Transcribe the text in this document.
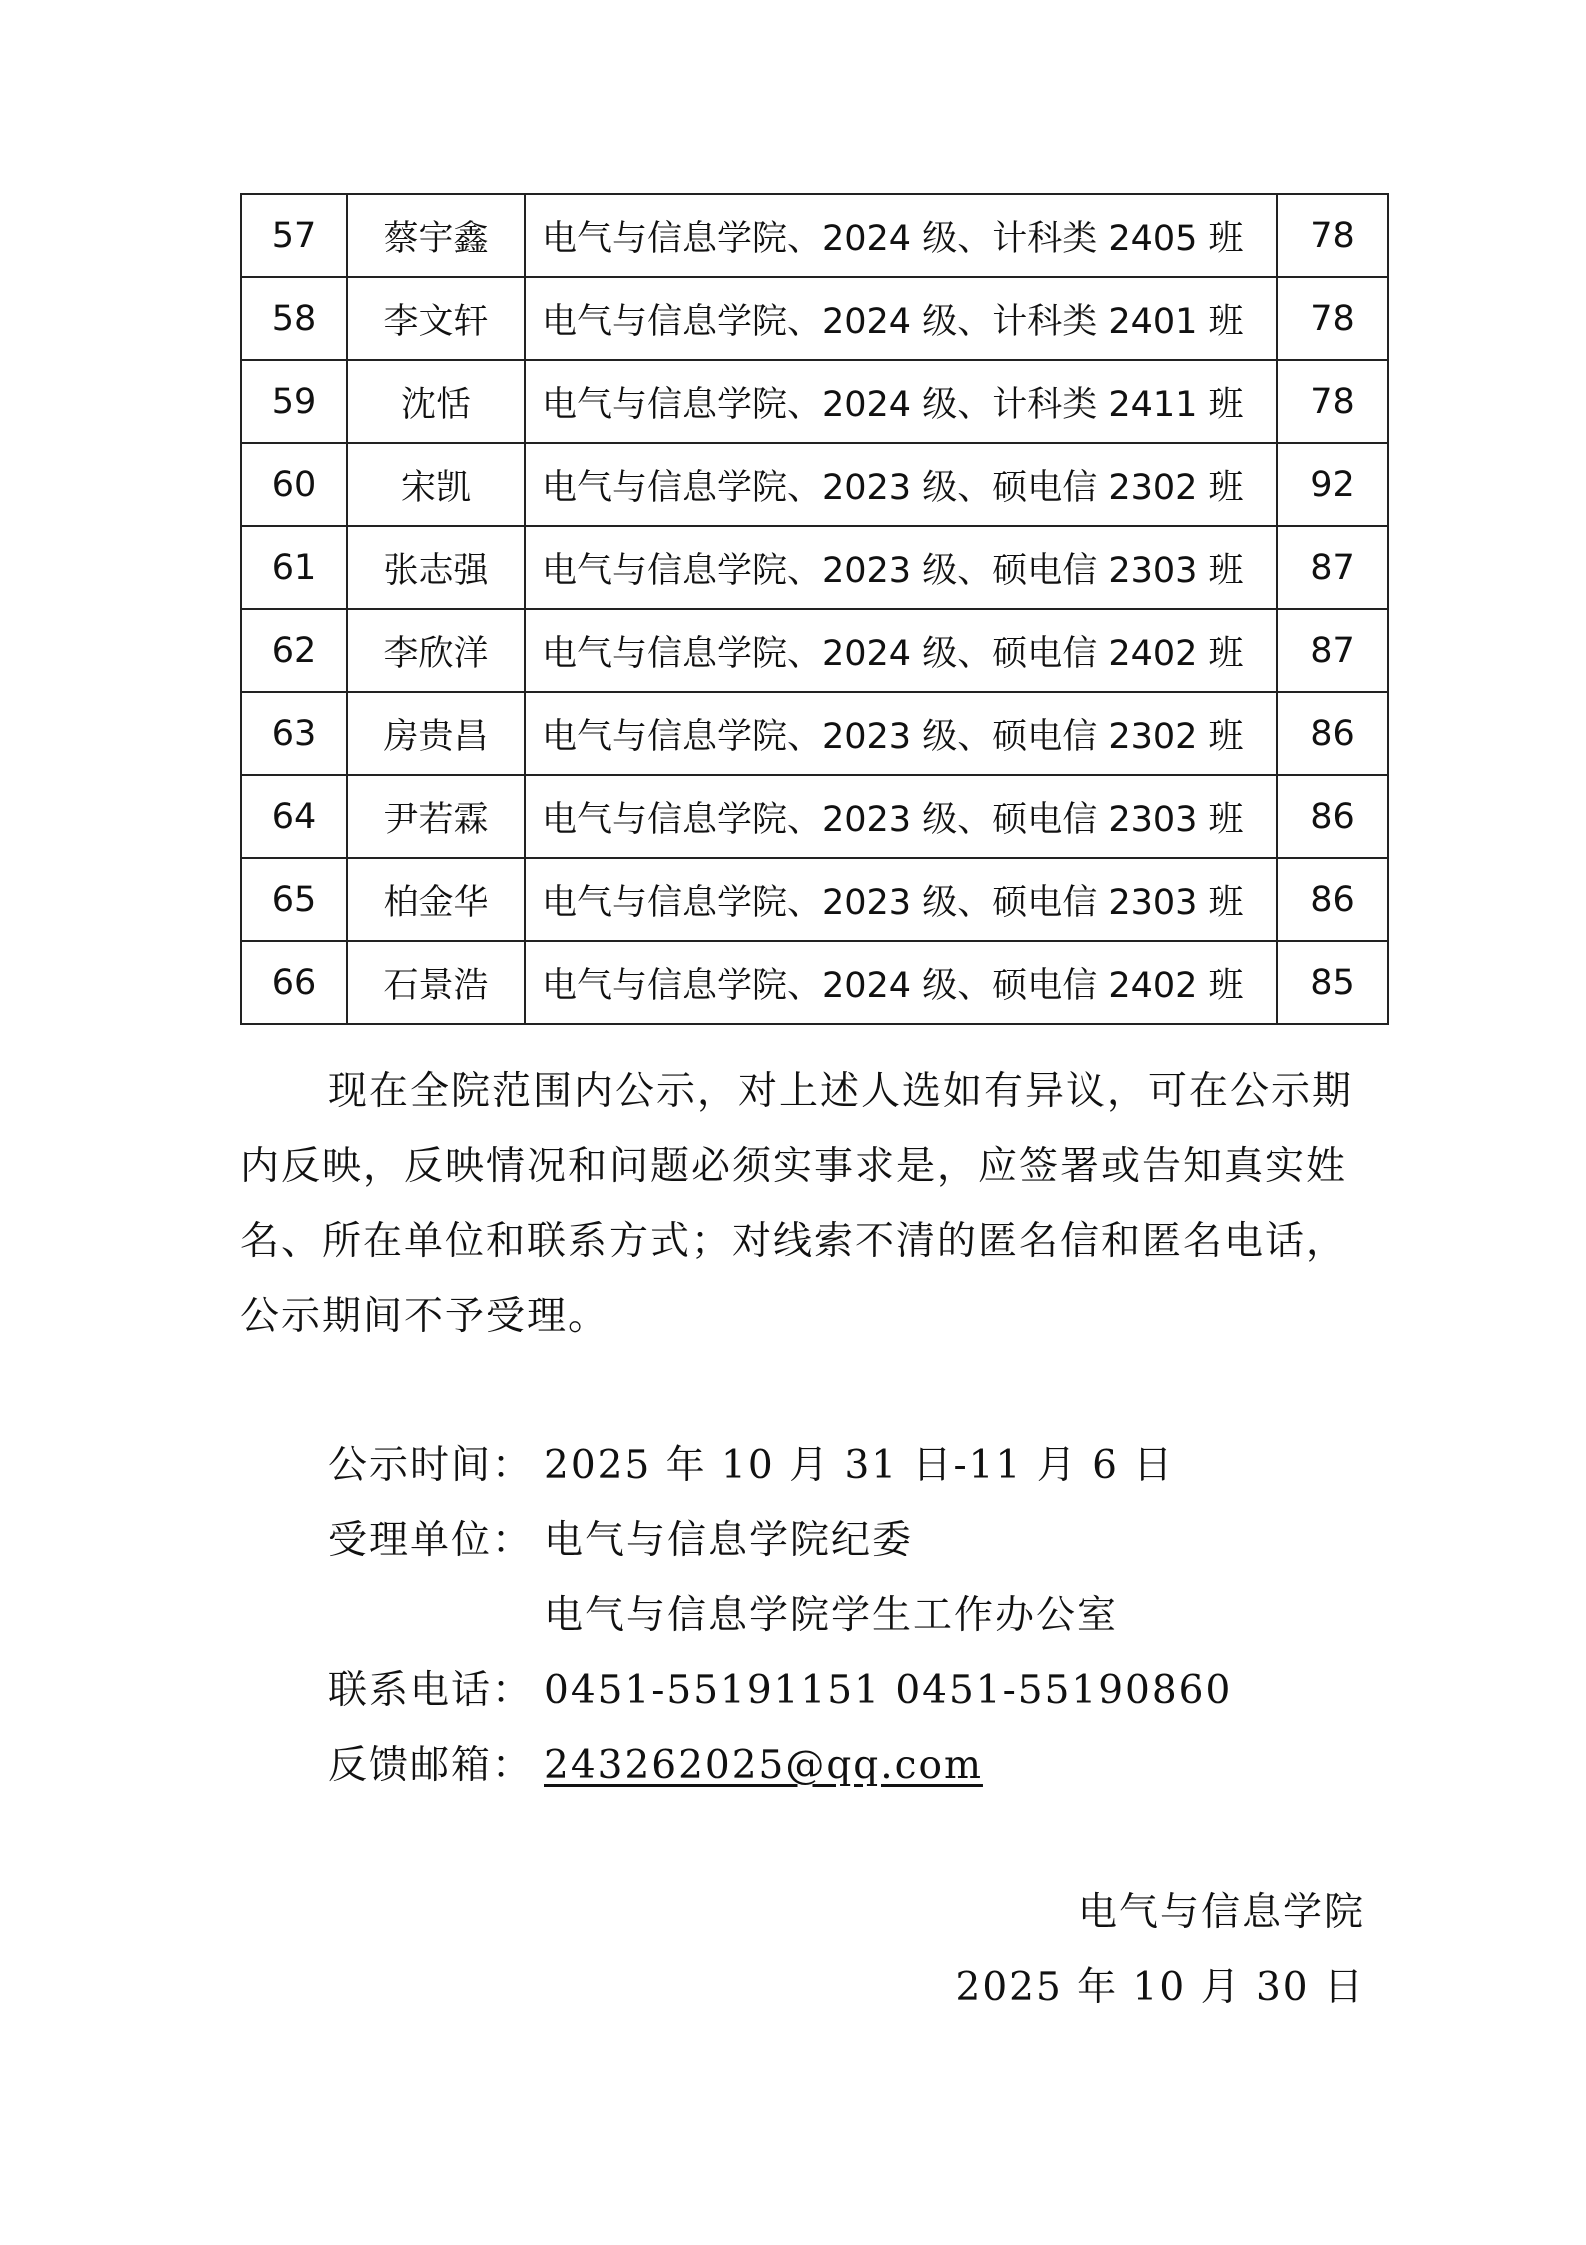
57	蔡宇鑫	电气与信息学院、2024 级、计科类 2405 班	78
58	李文轩	电气与信息学院、2024 级、计科类 2401 班	78
59	沈恬	电气与信息学院、2024 级、计科类 2411 班	78
60	宋凯	电气与信息学院、2023 级、硕电信 2302 班	92
61	张志强	电气与信息学院、2023 级、硕电信 2303 班	87
62	李欣洋	电气与信息学院、2024 级、硕电信 2402 班	87
63	房贵昌	电气与信息学院、2023 级、硕电信 2302 班	86
64	尹若霖	电气与信息学院、2023 级、硕电信 2303 班	86
65	柏金华	电气与信息学院、2023 级、硕电信 2303 班	86
66	石景浩	电气与信息学院、2024 级、硕电信 2402 班	85

现在全院范围内公示，对上述人选如有异议，可在公示期内反映，反映情况和问题必须实事求是，应签署或告知真实姓名、所在单位和联系方式；对线索不清的匿名信和匿名电话，公示期间不予受理。

公示时间： 2025 年 10 月 31 日-11 月 6 日
受理单位： 电气与信息学院纪委
电气与信息学院学生工作办公室
联系电话： 0451-55191151 0451-55190860
反馈邮箱： 243262025@qq.com
电气与信息学院
2025 年 10 月 30 日
